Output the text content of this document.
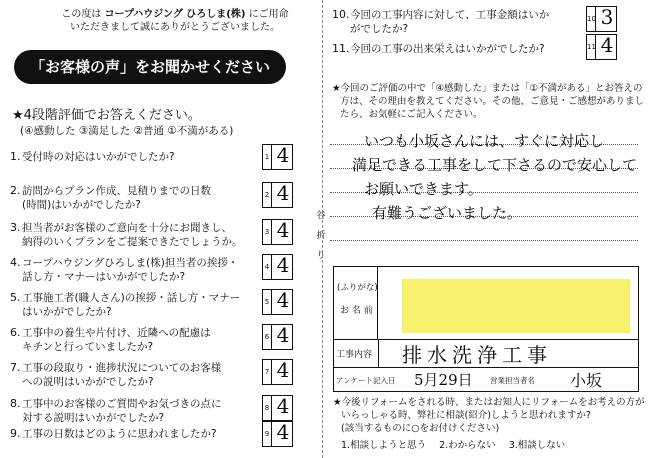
この度は コープハウジング ひろしま(株) にご用命
いただきまして誠にありがとうございました。
「お客様の声」をお聞かせください
★4段階評価でお答えください。
(④感動した ③満足した ②普通 ①不満がある)
1. 受付時の対応はいかがでしたか?	1 4
2. 訪問からプラン作成、見積りまでの日数
(時間)はいかがでしたか?
2 4
3. 担当者がお客様のご意向を十分にお聞きし、
納得のいくプランをご提案できたでしょうか。
3 4
4. コープハウジングひろしま(株)担当者の挨拶・
話し方・マナーはいかがでしたか?
4 4
5. 工事施工者(職人さん)の挨拶・話し方・マナー
はいかがでしたか?
5 4
6. 工事中の養生や片付け、近隣への配慮は
キチンと行っていましたか?
6 4
7. 工事の段取り・進捗状況についてのお客様
への説明はいかがでしたか?
7 4
8. 工事中のお客様のご質問やお気づきの点に
対する説明はいかがでしたか?
8 4
9. 工事の日数はどのように思われましたか?	9 4
谷
折
り
10. 今回の工事内容に対して、工事金額はいか
がでしたか?
10 3
11. 今回の工事の出来栄えはいかがでしたか?	11 4
★今回のご評価の中で「④感動した」または「①不満がある」とお答えの
方は、その理由を教えてください。その他、ご意見・ご感想がありまし
たら、お気軽にご記入ください。
いつも小坂さんには、すぐに対応し
満足できる工事をして下さるので安心して
お願いできます。
有難うございました。
(ふりがな)
お 名 前
工事内容 排水洗浄工事
アンケート記入日 5月29日 営業担当者名 小坂
★今後リフォームをされる時、またはお知人にリフォームをお考えの方が
いらっしゃる時、弊社に相談(紹介)しようと思われますか?
(該当するものに○をお付けください)
1.相談しようと思う 2.わからない 3.相談しない
